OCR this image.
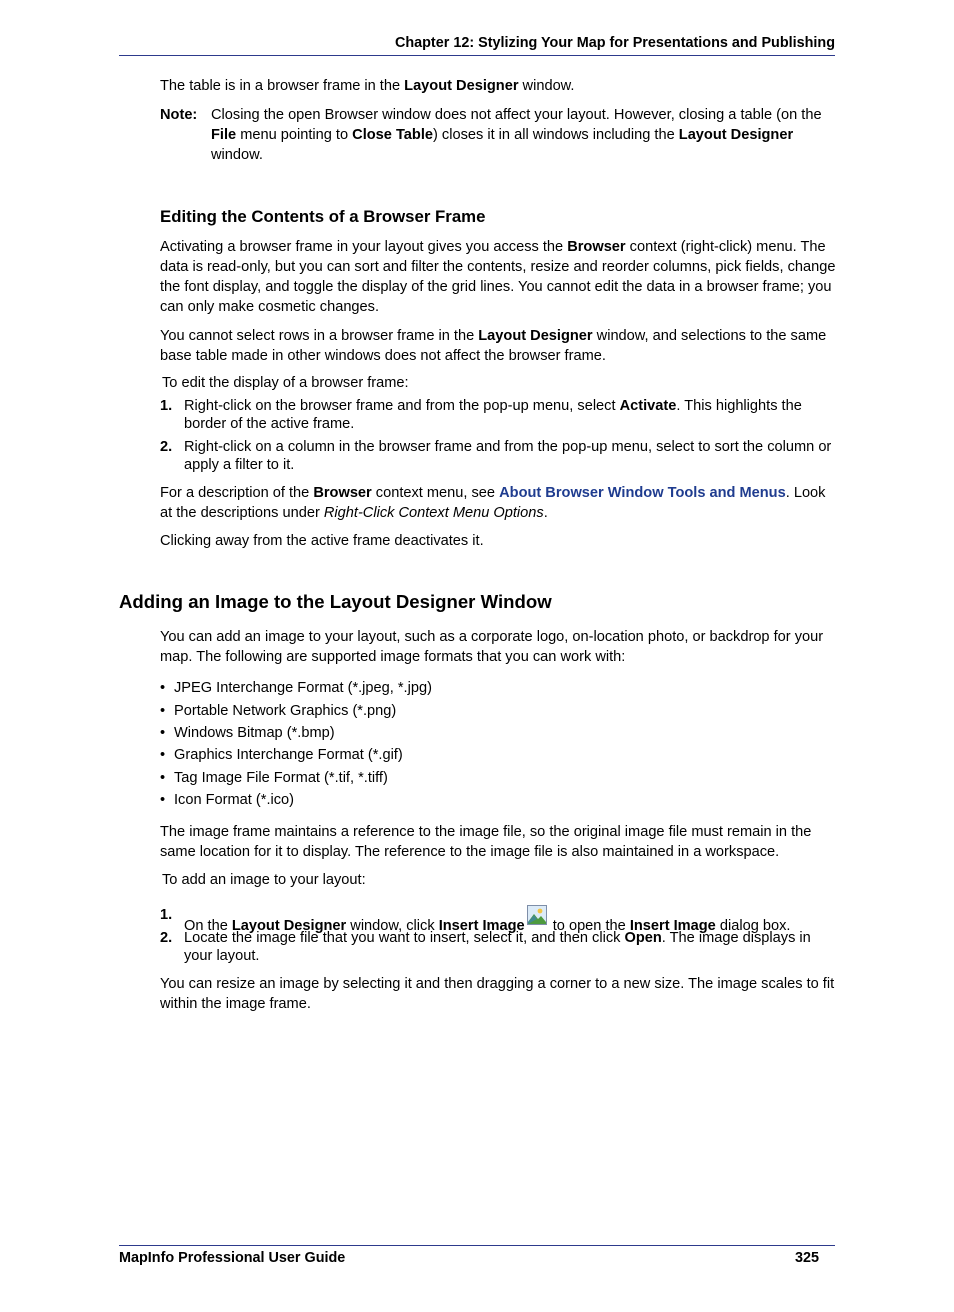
Chapter 12: Stylizing Your Map for Presentations and Publishing

The table is in a browser frame in the Layout Designer window.

Note: Closing the open Browser window does not affect your layout. However, closing a table (on the File menu pointing to Close Table) closes it in all windows including the Layout Designer window.

Editing the Contents of a Browser Frame

Activating a browser frame in your layout gives you access the Browser context (right-click) menu. The data is read-only, but you can sort and filter the contents, resize and reorder columns, pick fields, change the font display, and toggle the display of the grid lines. You cannot edit the data in a browser frame; you can only make cosmetic changes.

You cannot select rows in a browser frame in the Layout Designer window, and selections to the same base table made in other windows does not affect the browser frame.

To edit the display of a browser frame:

1. Right-click on the browser frame and from the pop-up menu, select Activate. This highlights the border of the active frame.

2. Right-click on a column in the browser frame and from the pop-up menu, select to sort the column or apply a filter to it.

For a description of the Browser context menu, see About Browser Window Tools and Menus. Look at the descriptions under Right-Click Context Menu Options.

Clicking away from the active frame deactivates it.

Adding an Image to the Layout Designer Window

You can add an image to your layout, such as a corporate logo, on-location photo, or backdrop for your map. The following are supported image formats that you can work with:

• JPEG Interchange Format (*.jpeg, *.jpg)
• Portable Network Graphics (*.png)
• Windows Bitmap (*.bmp)
• Graphics Interchange Format (*.gif)
• Tag Image File Format (*.tif, *.tiff)
• Icon Format (*.ico)

The image frame maintains a reference to the image file, so the original image file must remain in the same location for it to display. The reference to the image file is also maintained in a workspace.

To add an image to your layout:

1.

On the Layout Designer window, click Insert Image to open the Insert Image dialog box.

2. Locate the image file that you want to insert, select it, and then click Open. The image displays in your layout.

You can resize an image by selecting it and then dragging a corner to a new size. The image scales to fit within the image frame.

MapInfo Professional User Guide	325
